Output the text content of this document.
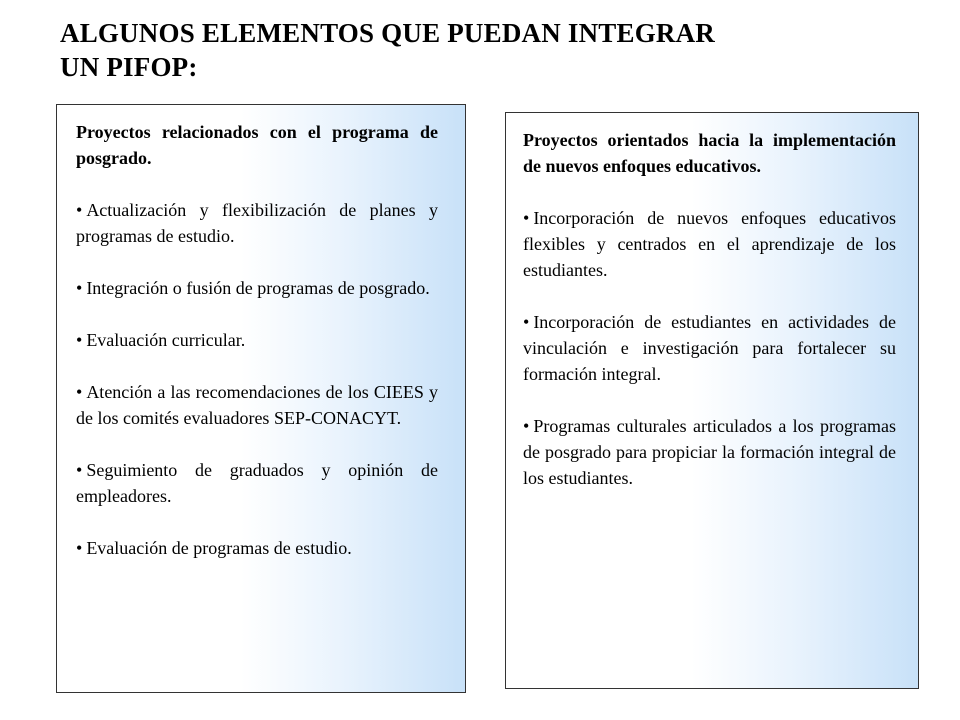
ALGUNOS ELEMENTOS QUE PUEDAN INTEGRAR
UN PIFOP:
Proyectos relacionados con el programa de posgrado.
• Actualización y flexibilización de planes y programas de estudio.
• Integración o fusión de programas de posgrado.
• Evaluación curricular.
• Atención a las recomendaciones de los CIEES y de los comités evaluadores SEP-CONACYT.
• Seguimiento de graduados y opinión de empleadores.
• Evaluación de programas de estudio.
Proyectos orientados hacia la implementación de nuevos enfoques educativos.
• Incorporación de nuevos enfoques educativos flexibles y centrados en el aprendizaje de los estudiantes.
• Incorporación de estudiantes en actividades de vinculación e investigación para fortalecer su formación integral.
• Programas culturales articulados a los programas de posgrado para propiciar la formación integral de los estudiantes.
